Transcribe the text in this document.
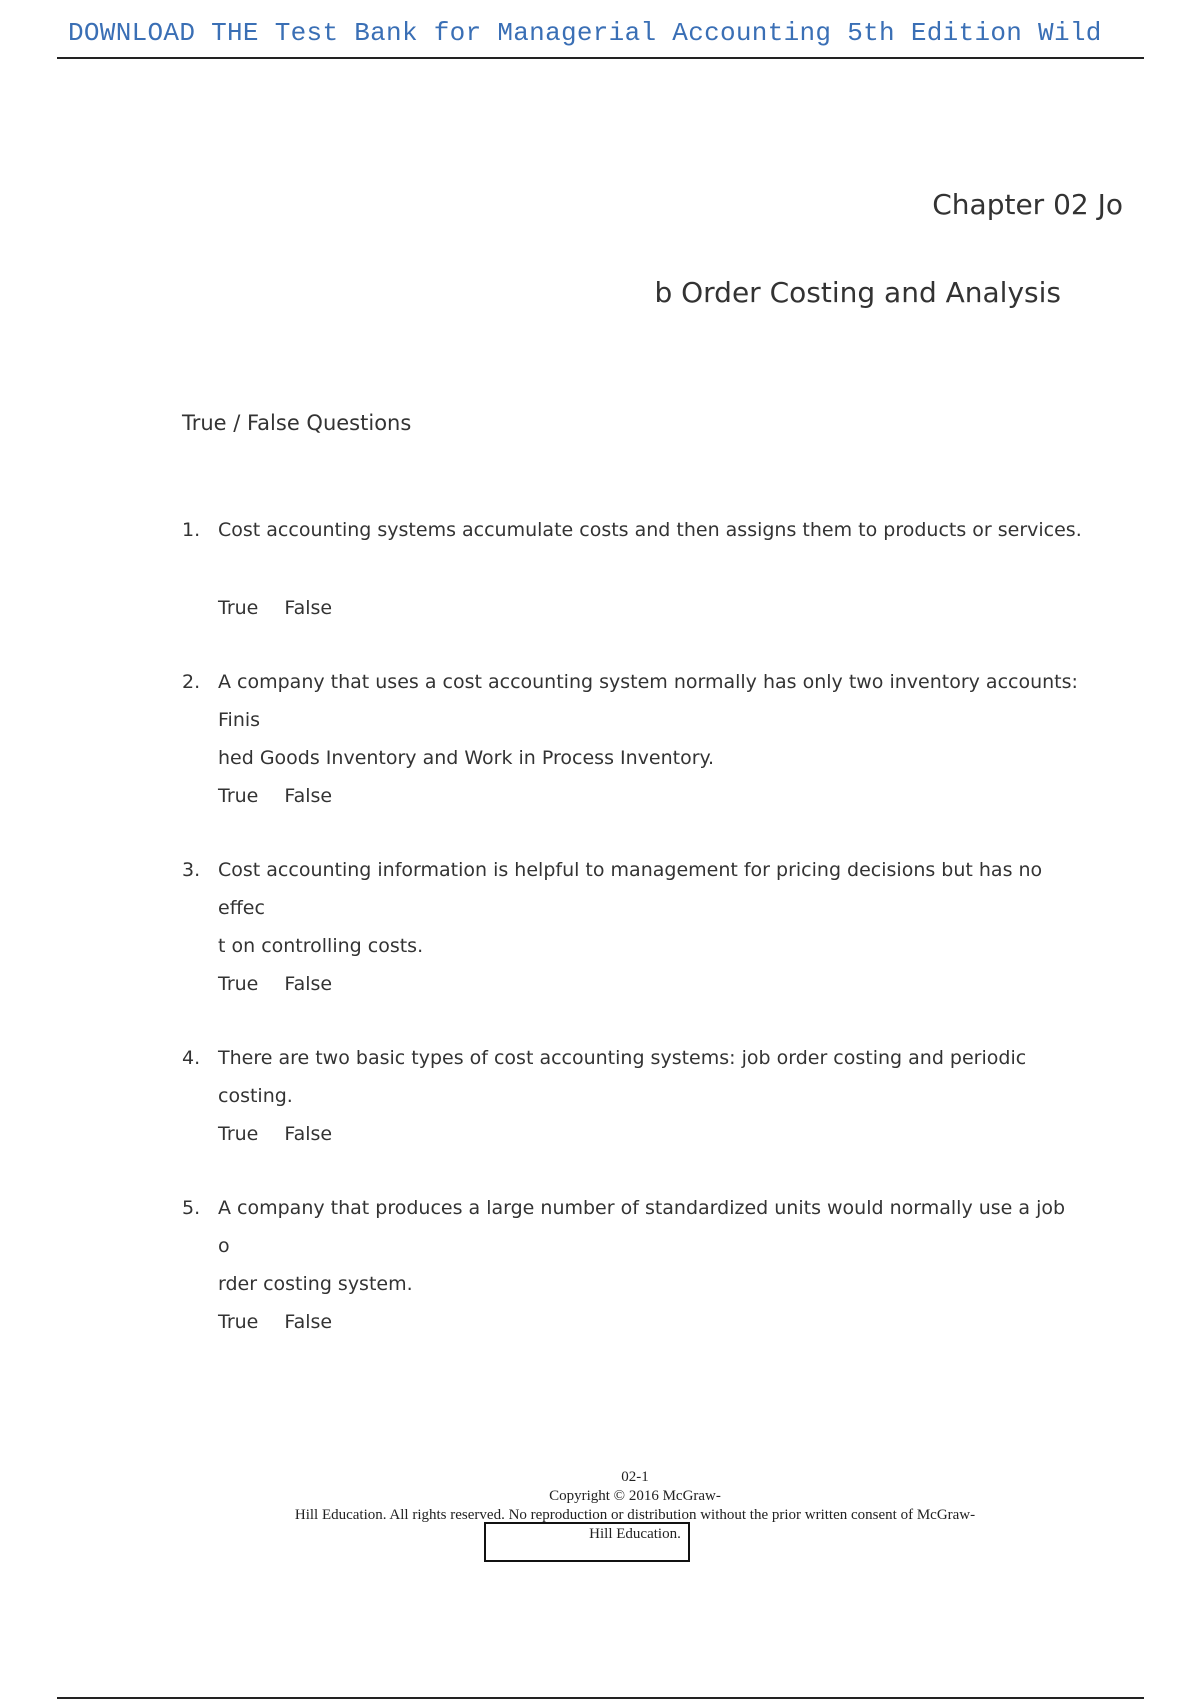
DOWNLOAD THE Test Bank for Managerial Accounting 5th Edition Wild
Chapter 02 Jo
b Order Costing and Analysis
True / False Questions
1. Cost accounting systems accumulate costs and then assigns them to products or services.
True False
2. A company that uses a cost accounting system normally has only two inventory accounts: Finis
hed Goods Inventory and Work in Process Inventory.
True False
3. Cost accounting information is helpful to management for pricing decisions but has no effec
t on controlling costs.
True False
4. There are two basic types of cost accounting systems: job order costing and periodic costing.
True False
5. A company that produces a large number of standardized units would normally use a job o
rder costing system.
True False
02-1
Copyright © 2016 McGraw-
Hill Education. All rights reserved. No reproduction or distribution without the prior written consent of McGraw-
Hill Education.
